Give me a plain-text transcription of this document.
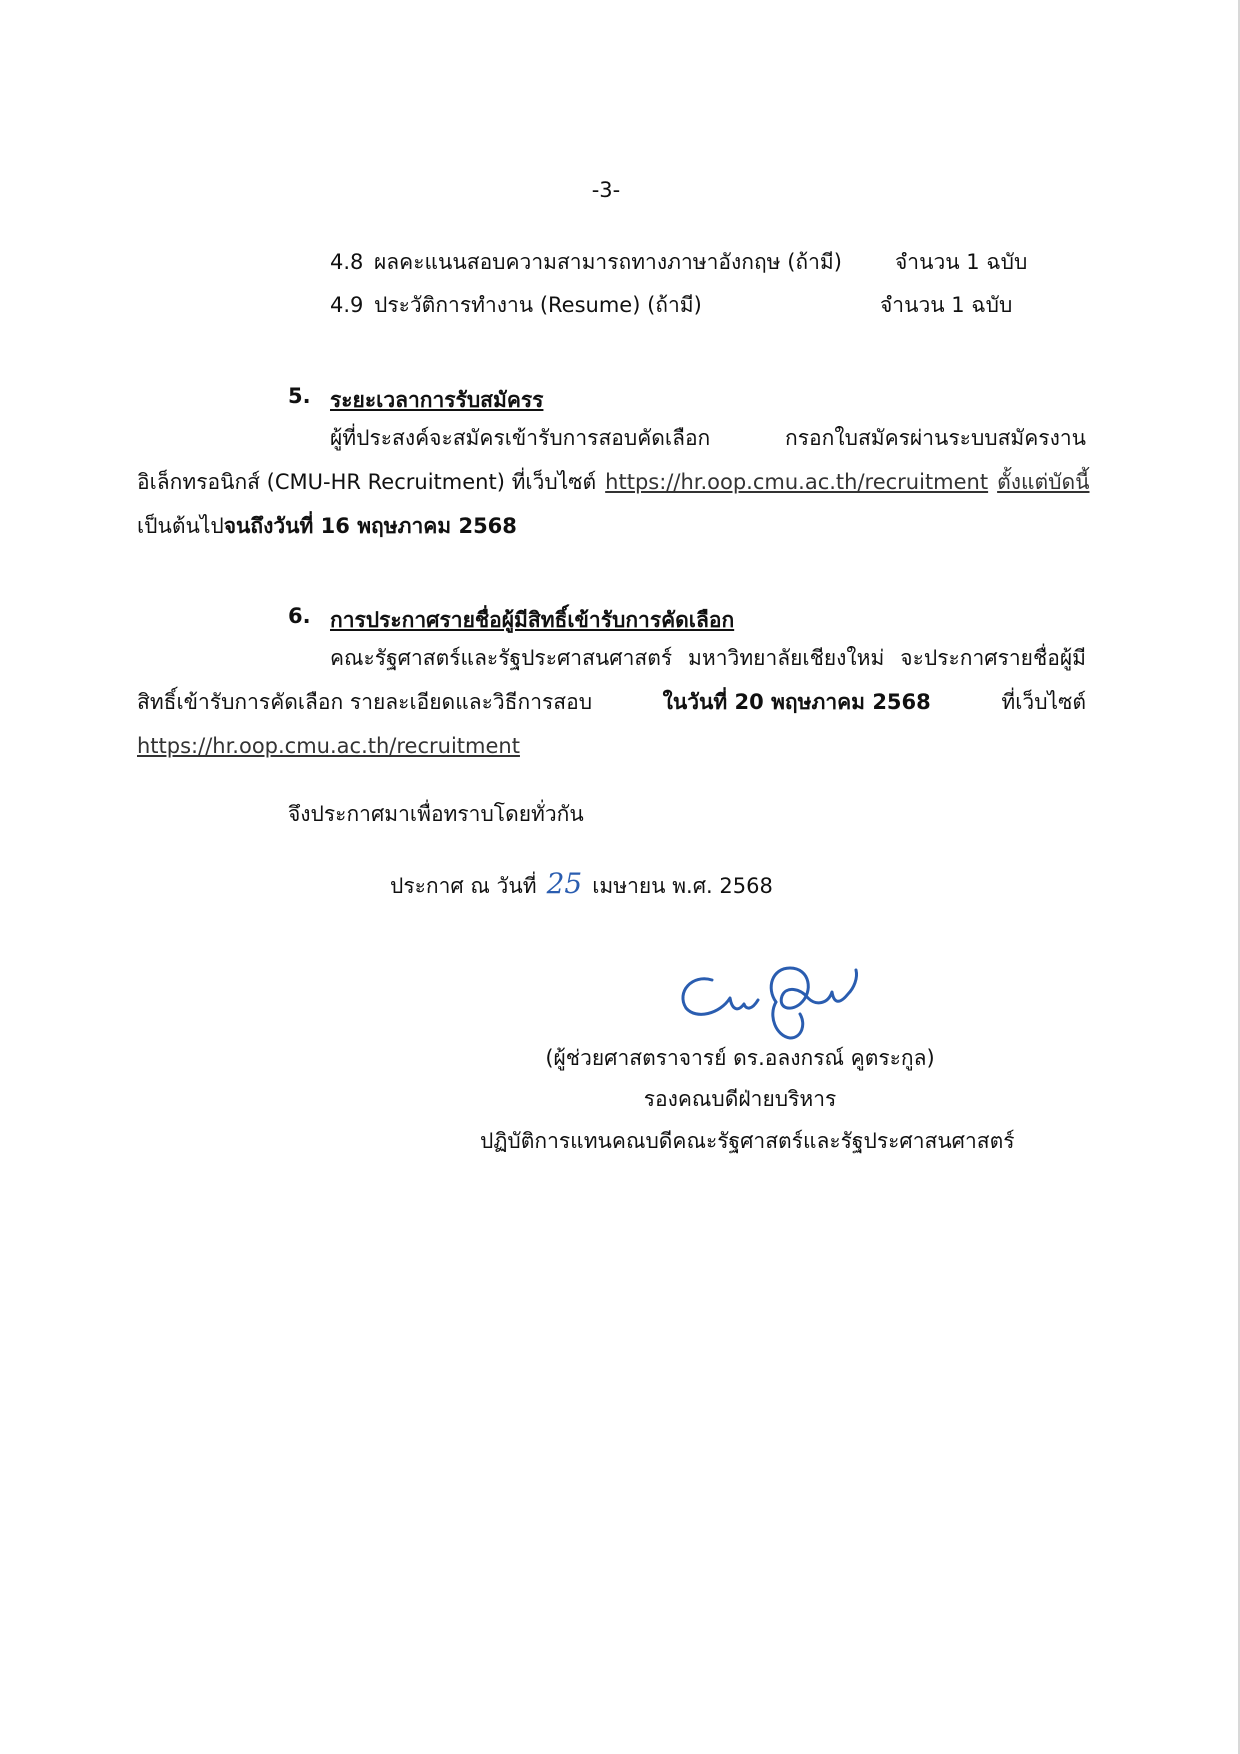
-3-
4.8 ผลคะแนนสอบความสามารถทางภาษาอังกฤษ (ถ้ามี)	จำนวน 1 ฉบับ
4.9 ประวัติการทำงาน (Resume) (ถ้ามี)	จำนวน 1 ฉบับ
5. ระยะเวลาการรับสมัครร
ผู้ที่ประสงค์จะสมัครเข้ารับการสอบคัดเลือก กรอกใบสมัครผ่านระบบสมัครงาน
อิเล็กทรอนิกส์ (CMU-HR Recruitment) ที่เว็บไซต์ https://hr.oop.cmu.ac.th/recruitment ตั้งแต่บัดนี้
เป็นต้นไปจนถึงวันที่ 16 พฤษภาคม 2568
6. การประกาศรายชื่อผู้มีสิทธิ์เข้ารับการคัดเลือก
คณะรัฐศาสตร์และรัฐประศาสนศาสตร์ มหาวิทยาลัยเชียงใหม่ จะประกาศรายชื่อผู้มี
สิทธิ์เข้ารับการคัดเลือก รายละเอียดและวิธีการสอบ	ในวันที่ 20 พฤษภาคม 2568	ที่เว็บไซต์
https://hr.oop.cmu.ac.th/recruitment
จึงประกาศมาเพื่อทราบโดยทั่วกัน
ประกาศ ณ วันที่ 25 เมษายน พ.ศ. 2568
(ผู้ช่วยศาสตราจารย์ ดร.อลงกรณ์ คูตระกูล)
รองคณบดีฝ่ายบริหาร
ปฏิบัติการแทนคณบดีคณะรัฐศาสตร์และรัฐประศาสนศาสตร์
